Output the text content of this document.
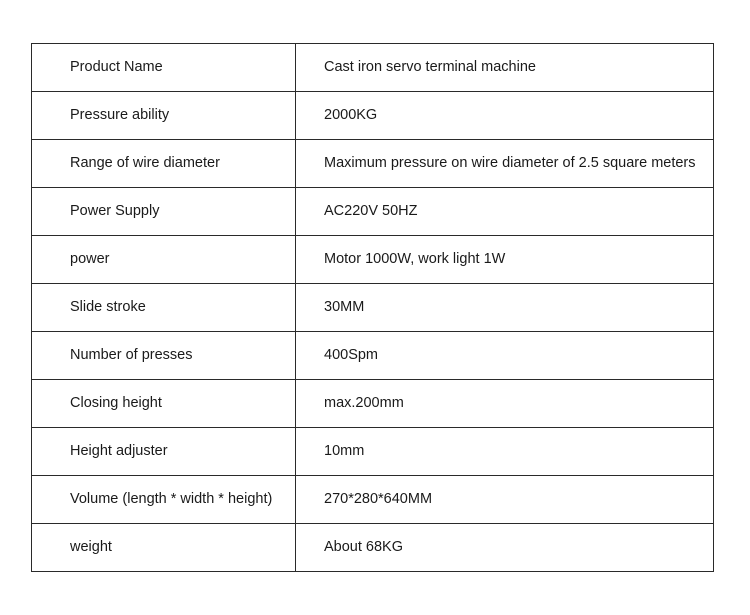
Product Name	Cast iron servo terminal machine
Pressure ability	2000KG
Range of wire diameter	Maximum pressure on wire diameter of 2.5 square meters
Power Supply	AC220V 50HZ
power	Motor 1000W, work light 1W
Slide stroke	30MM
Number of presses	400Spm
Closing height	max.200mm
Height adjuster	10mm
Volume (length * width * height)	270*280*640MM
weight	About 68KG
